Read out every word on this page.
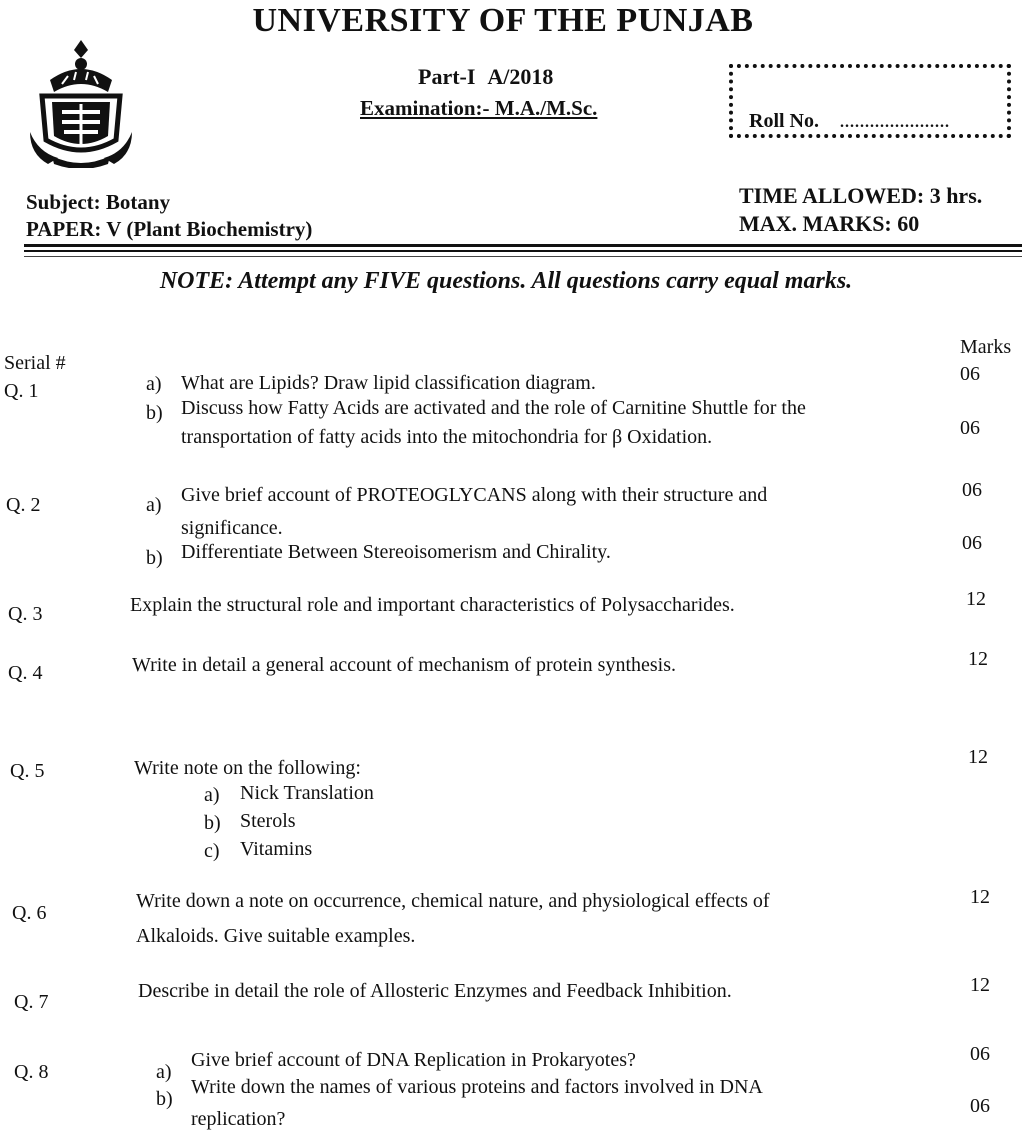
UNIVERSITY OF THE PUNJAB
Part-I A/2018
Examination:- M.A./M.Sc.
Roll No. ......................
Subject: Botany
PAPER: V (Plant Biochemistry)
TIME ALLOWED: 3 hrs.
MAX. MARKS: 60
NOTE: Attempt any FIVE questions. All questions carry equal marks.
Marks
Serial #
Q. 1	a) What are Lipids? Draw lipid classification diagram.	06
b) Discuss how Fatty Acids are activated and the role of Carnitine Shuttle for the
transportation of fatty acids into the mitochondria for β Oxidation.	06
Q. 2	a) Give brief account of PROTEOGLYCANS along with their structure and
significance.
06
b) Differentiate Between Stereoisomerism and Chirality.	06
Q. 3	Explain the structural role and important characteristics of Polysaccharides.	12
Q. 4	Write in detail a general account of mechanism of protein synthesis.	12
Q. 5	Write note on the following:	12
a) Nick Translation
b) Sterols
c) Vitamins
Q. 6
Write down a note on occurrence, chemical nature, and physiological effects of
Alkaloids. Give suitable examples.
12
Q. 7	Describe in detail the role of Allosteric Enzymes and Feedback Inhibition.	12
Q. 8	a)
Give brief account of DNA Replication in Prokaryotes?	06
b)
Write down the names of various proteins and factors involved in DNA
replication?
06
